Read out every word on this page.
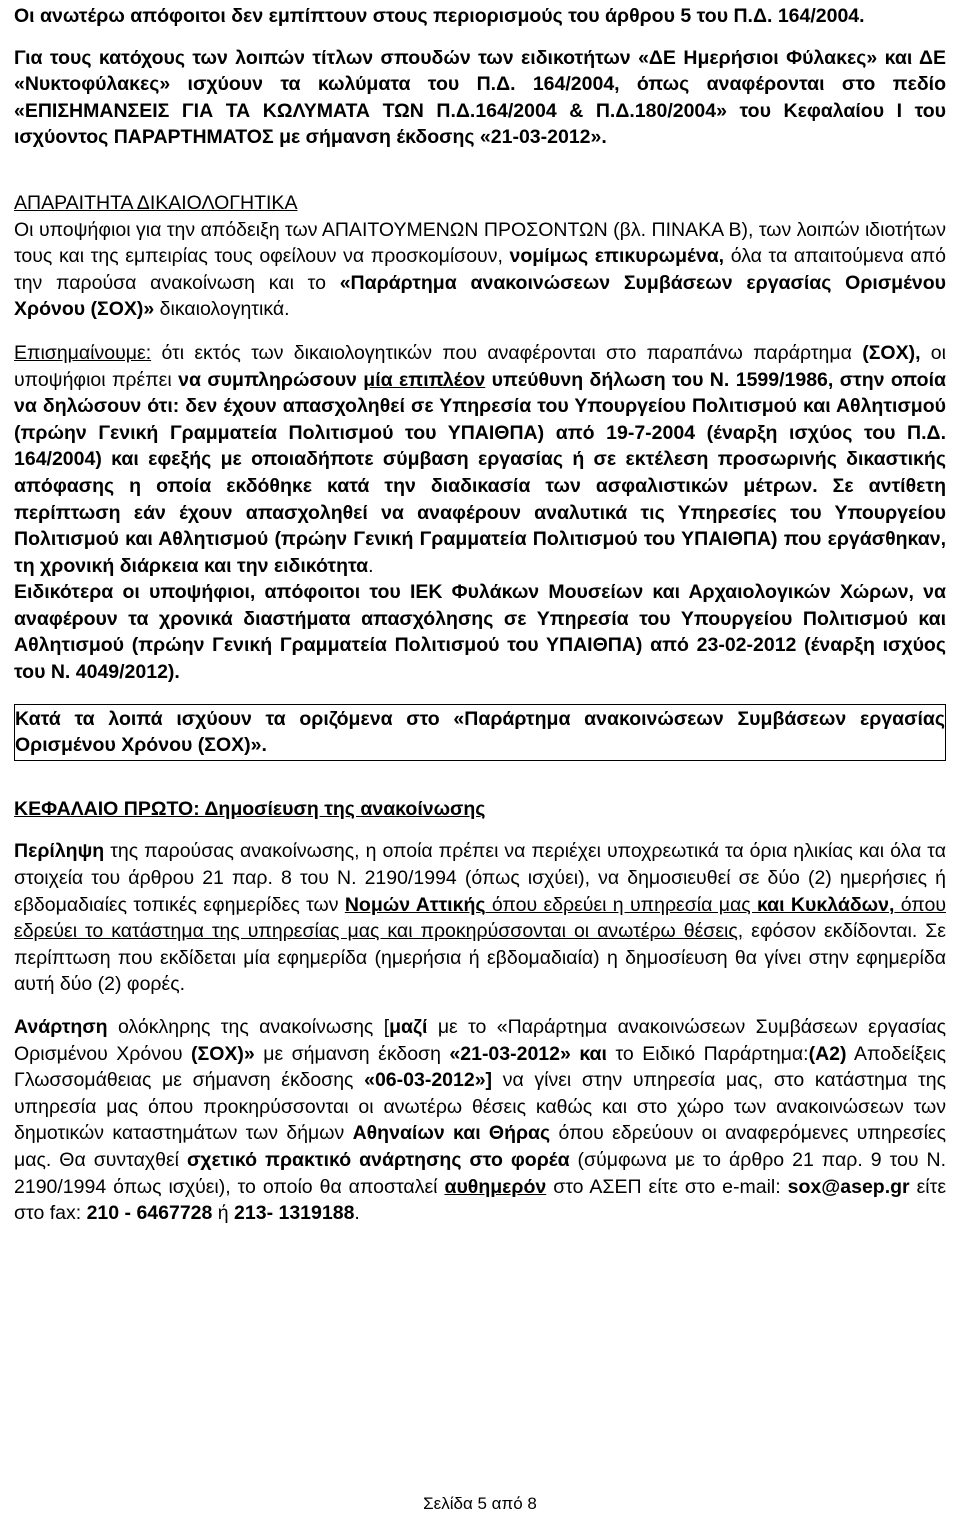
Οι ανωτέρω απόφοιτοι δεν εμπίπτουν στους περιορισμούς του άρθρου 5 του Π.Δ. 164/2004.

Για τους κατόχους των λοιπών τίτλων σπουδών των ειδικοτήτων «ΔΕ Ημερήσιοι Φύλακες» και ΔΕ «Νυκτοφύλακες» ισχύουν τα κωλύματα του Π.Δ. 164/2004, όπως αναφέρονται στο πεδίο «ΕΠΙΣΗΜΑΝΣΕΙΣ ΓΙΑ ΤΑ ΚΩΛΥΜΑΤΑ ΤΩΝ Π.Δ.164/2004 & Π.Δ.180/2004» του Κεφαλαίου Ι του ισχύοντος ΠΑΡΑΡΤΗΜΑΤΟΣ με σήμανση έκδοσης «21-03-2012».

ΑΠΑΡΑΙΤΗΤΑ ΔΙΚΑΙΟΛΟΓΗΤΙΚΑ
Οι υποψήφιοι για την απόδειξη των ΑΠΑΙΤΟΥΜΕΝΩΝ ΠΡΟΣΟΝΤΩΝ (βλ. ΠΙΝΑΚΑ Β), των λοιπών ιδιοτήτων τους και της εμπειρίας τους οφείλουν να προσκομίσουν, νομίμως επικυρωμένα, όλα τα απαιτούμενα από την παρούσα ανακοίνωση και το «Παράρτημα ανακοινώσεων Συμβάσεων εργασίας Ορισμένου Χρόνου (ΣΟΧ)» δικαιολογητικά.

Επισημαίνουμε: ότι εκτός των δικαιολογητικών που αναφέρονται στο παραπάνω παράρτημα (ΣΟΧ), οι υποψήφιοι πρέπει να συμπληρώσουν μία επιπλέον υπεύθυνη δήλωση του Ν. 1599/1986, στην οποία να δηλώσουν ότι: δεν έχουν απασχοληθεί σε Υπηρεσία του Υπουργείου Πολιτισμού και Αθλητισμού (πρώην Γενική Γραμματεία Πολιτισμού του ΥΠΑΙΘΠΑ) από 19-7-2004 (έναρξη ισχύος του Π.Δ. 164/2004) και εφεξής με οποιαδήποτε σύμβαση εργασίας ή σε εκτέλεση προσωρινής δικαστικής απόφασης η οποία εκδόθηκε κατά την διαδικασία των ασφαλιστικών μέτρων. Σε αντίθετη περίπτωση εάν έχουν απασχοληθεί να αναφέρουν αναλυτικά τις Υπηρεσίες του Υπουργείου Πολιτισμού και Αθλητισμού (πρώην Γενική Γραμματεία Πολιτισμού του ΥΠΑΙΘΠΑ) που εργάσθηκαν, τη χρονική διάρκεια και την ειδικότητα.

Ειδικότερα οι υποψήφιοι, απόφοιτοι του ΙΕΚ Φυλάκων Μουσείων και Αρχαιολογικών Χώρων, να αναφέρουν τα χρονικά διαστήματα απασχόλησης σε Υπηρεσία του Υπουργείου Πολιτισμού και Αθλητισμού (πρώην Γενική Γραμματεία Πολιτισμού του ΥΠΑΙΘΠΑ) από 23-02-2012 (έναρξη ισχύος του Ν. 4049/2012).

Κατά τα λοιπά ισχύουν τα οριζόμενα στο «Παράρτημα ανακοινώσεων Συμβάσεων εργασίας Ορισμένου Χρόνου (ΣΟΧ)».

ΚΕΦΑΛΑΙΟ ΠΡΩΤΟ: Δημοσίευση της ανακοίνωσης

Περίληψη της παρούσας ανακοίνωσης, η οποία πρέπει να περιέχει υποχρεωτικά τα όρια ηλικίας και όλα τα στοιχεία του άρθρου 21 παρ. 8 του Ν. 2190/1994 (όπως ισχύει), να δημοσιευθεί σε δύο (2) ημερήσιες ή εβδομαδιαίες τοπικές εφημερίδες των Νομών Αττικής όπου εδρεύει η υπηρεσία μας και Κυκλάδων, όπου εδρεύει το κατάστημα της υπηρεσίας μας και προκηρύσσονται οι ανωτέρω θέσεις, εφόσον εκδίδονται. Σε περίπτωση που εκδίδεται μία εφημερίδα (ημερήσια ή εβδομαδιαία) η δημοσίευση θα γίνει στην εφημερίδα αυτή δύο (2) φορές.

Ανάρτηση ολόκληρης της ανακοίνωσης [μαζί με το «Παράρτημα ανακοινώσεων Συμβάσεων εργασίας Ορισμένου Χρόνου (ΣΟΧ)» με σήμανση έκδοση «21-03-2012» και το Ειδικό Παράρτημα:(Α2) Αποδείξεις Γλωσσομάθειας με σήμανση έκδοσης «06-03-2012»] να γίνει στην υπηρεσία μας, στο κατάστημα της υπηρεσία μας όπου προκηρύσσονται οι ανωτέρω θέσεις καθώς και στο χώρο των ανακοινώσεων των δημοτικών καταστημάτων των δήμων Αθηναίων και Θήρας όπου εδρεύουν οι αναφερόμενες υπηρεσίες μας. Θα συνταχθεί σχετικό πρακτικό ανάρτησης στο φορέα (σύμφωνα με το άρθρο 21 παρ. 9 του Ν. 2190/1994 όπως ισχύει), το οποίο θα αποσταλεί αυθημερόν στο ΑΣΕΠ είτε στο e-mail: sox@asep.gr είτε στο fax: 210 - 6467728 ή 213- 1319188.

Σελίδα 5 από 8
